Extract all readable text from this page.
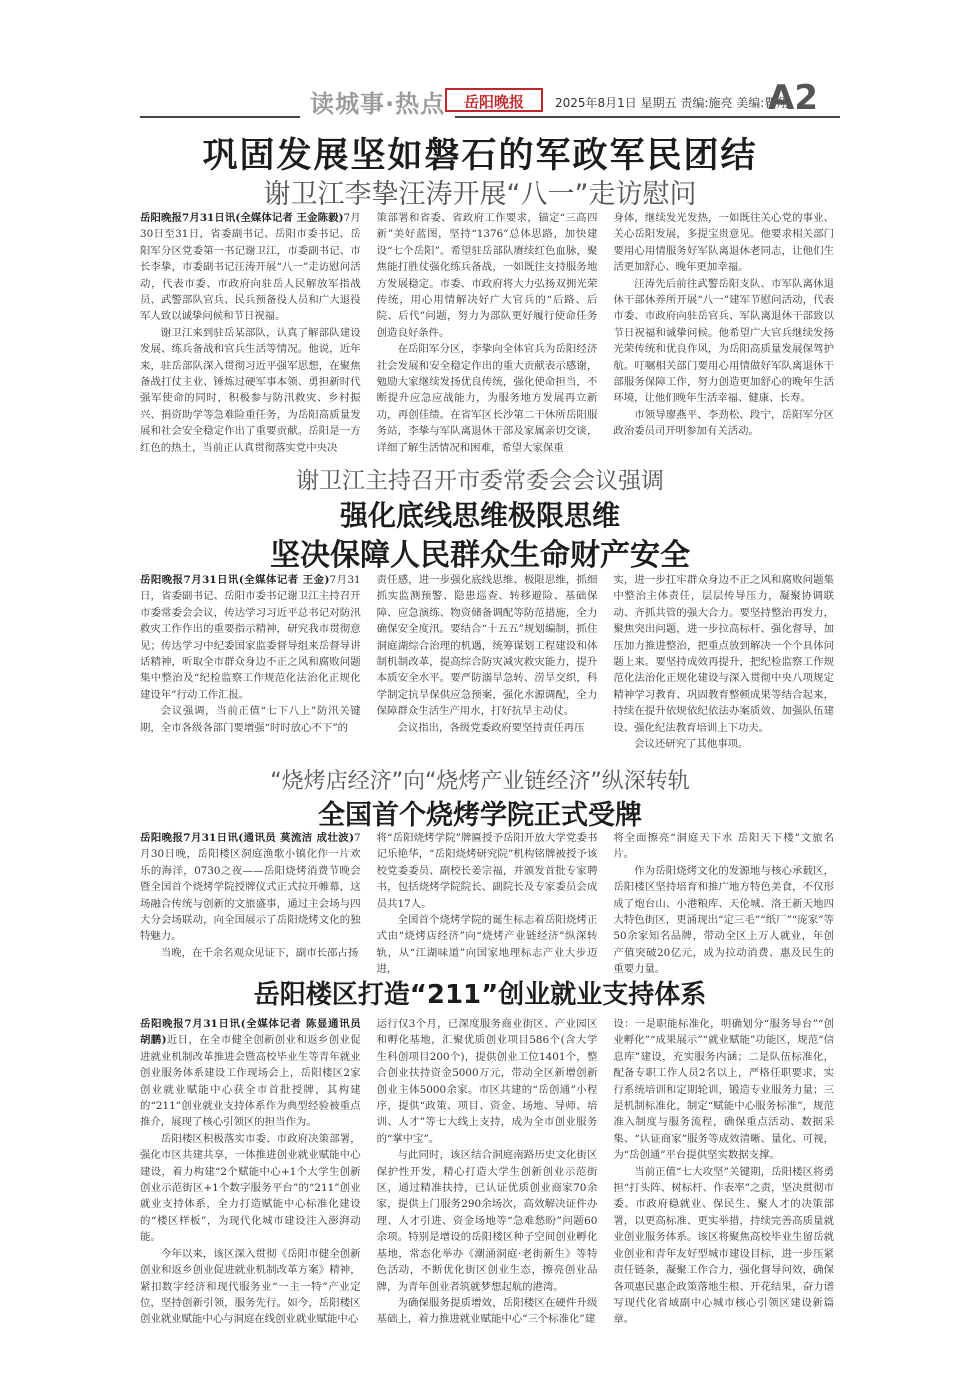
读城事·热点	岳阳晚报	2025年8月1日 星期五 责编:施亮 美编:瞿翔
A2
巩固发展坚如磐石的军政军民团结
谢卫江李挚汪涛开展“八一”走访慰问

岳阳晚报7月31日讯(全媒体记者 王金陈毅)7月30日至31日，省委副书记、岳阳市委书记、岳阳军分区党委第一书记谢卫江，市委副书记、市长李挚，市委副书记汪涛开展“八一”走访慰问活动，代表市委、市政府向驻岳人民解放军指战员、武警部队官兵、民兵预备役人员和广大退役军人致以诚挚问候和节日祝福。

谢卫江来到驻岳某部队，认真了解部队建设发展、练兵备战和官兵生活等情况。他说，近年来，驻岳部队深入贯彻习近平强军思想，在聚焦备战打仗主业、锤炼过硬军事本领、勇担新时代强军使命的同时，积极参与防汛救灾、乡村振兴、捐资助学等急难险重任务，为岳阳高质量发展和社会安全稳定作出了重要贡献。岳阳是一方红色的热土，当前正认真贯彻落实党中央决

策部署和省委、省政府工作要求，锚定“三高四新”美好蓝图，坚持“1376”总体思路，加快建设“七个岳阳”。希望驻岳部队赓续红色血脉，聚焦能打胜仗强化练兵备战，一如既往支持服务地方发展稳定。市委、市政府将大力弘扬双拥光荣传统，用心用情解决好广大官兵的“后路、后院、后代”问题，努力为部队更好履行使命任务创造良好条件。

在岳阳军分区，李挚向全体官兵为岳阳经济社会发展和安全稳定作出的重大贡献表示感谢，勉励大家继续发扬优良传统，强化使命担当，不断提升应急应战能力，为服务地方发展再立新功，再创佳绩。在省军区长沙第二干休所岳阳服务站，李挚与军队离退休干部及家属亲切交谈，详细了解生活情况和困难，希望大家保重

身体，继续发光发热，一如既往关心党的事业、关心岳阳发展，多提宝贵意见。他要求相关部门要用心用情服务好军队离退休老同志，让他们生活更加舒心、晚年更加幸福。

汪涛先后前往武警岳阳支队、市军队离休退休干部休养所开展“八一”建军节慰问活动，代表市委、市政府向驻岳官兵、军队离退休干部致以节日祝福和诚挚问候。他希望广大官兵继续发扬光荣传统和优良作风，为岳阳高质量发展保驾护航。叮嘱相关部门要用心用情做好军队离退休干部服务保障工作，努力创造更加舒心的晚年生活环境，让他们晚年生活幸福、健康、长寿。

市领导廖燕平、李劲松、段宁，岳阳军分区政治委员司开明参加有关活动。

谢卫江主持召开市委常委会会议强调
强化底线思维极限思维
坚决保障人民群众生命财产安全

岳阳晚报7月31日讯(全媒体记者 王金)7月31日，省委副书记、岳阳市委书记谢卫江主持召开市委常委会会议，传达学习习近平总书记对防汛救灾工作作出的重要指示精神，研究我市贯彻意见；传达学习中纪委国家监委督导组来岳督导讲话精神，听取全市群众身边不正之风和腐败问题集中整治及“纪检监察工作规范化法治化正规化建设年”行动工作汇报。

会议强调，当前正值“七下八上”防汛关键期，全市各级各部门要增强“时时放心不下”的

责任感，进一步强化底线思维、极限思维，抓细抓实监测预警、隐患巡查、转移避险、基础保障、应急演练、物资储备调配等防范措施，全力确保安全度汛。要结合“十五五”规划编制，抓住洞庭湖综合治理的机遇，统筹谋划工程建设和体制机制改革，提高综合防灾减灾救灾能力，提升本质安全水平。要严防溺旱急转、涝旱交织，科学制定抗旱保供应急预案，强化水源调配，全力保障群众生活生产用水，打好抗旱主动仗。

会议指出，各级党委政府要坚持责任再压

实，进一步扛牢群众身边不正之风和腐败问题集中整治主体责任，层层传导压力，凝聚协调联动、齐抓共管的强大合力。要坚持整治再发力，聚焦突出问题，进一步拉高标杆、强化督导，加压加力推进整治，把重点放到解决一个个具体问题上来。要坚持成效再提升，把纪检监察工作规范化法治化正规化建设与深入贯彻中央八项规定精神学习教育、巩固教育整顿成果等结合起来，持续在提升依规依纪依法办案质效、加强队伍建设、强化纪法教育培训上下功夫。

会议还研究了其他事项。

“烧烤店经济”向“烧烤产业链经济”纵深转轨
全国首个烧烤学院正式受牌

岳阳晚报7月31日讯(通讯员 莫流洁 成壮波)7月30日晚，岳阳楼区洞庭渔歌小镇化作一片欢乐的海洋，0730之夜——岳阳烧烤消费节晚会暨全国首个烧烤学院授牌仪式正式拉开帷幕，这场融合传统与创新的文旅盛事，通过主会场与四大分会场联动，向全国展示了岳阳烧烤文化的独特魅力。

当晚，在千余名观众见证下，副市长邵占扬

将“岳阳烧烤学院”牌匾授予岳阳开放大学党委书记乐艳华，“岳阳烧烤研究院”机构铭牌被授予该校党委委员、副校长姜宗福，并颁发首批专家聘书，包括烧烤学院院长、副院长及专家委员会成员共17人。

全国首个烧烤学院的诞生标志着岳阳烧烤正式由“烧烤店经济”向“烧烤产业链经济”纵深转轨，从“江湖味道”向国家地理标志产业大步迈进，

将全面擦亮“洞庭天下水 岳阳天下楼”文旅名片。

作为岳阳烧烤文化的发源地与核心承载区，岳阳楼区坚持培育和推广地方特色美食，不仅形成了炮台山、小港粮库、天伦城、洛王新天地四大特色街区，更涌现出“定三毛”“纸厂”“庞家”等50余家知名品牌，带动全区上万人就业，年创产值突破20亿元，成为拉动消费、惠及民生的重要力量。

岳阳楼区打造“211”创业就业支持体系

岳阳晚报7月31日讯(全媒体记者 陈显通讯员 胡鹏)近日，在全市健全创新创业和返乡创业促进就业机制改革推进会暨高校毕业生等青年就业创业服务体系建设工作现场会上，岳阳楼区2家创业就业赋能中心获全市首批授牌，其构建的“211”创业就业支持体系作为典型经验被重点推介，展现了核心引领区的担当作为。

岳阳楼区积极落实市委、市政府决策部署，强化市区共建共享，一体推进创业就业赋能中心建设，着力构建“2个赋能中心+1个大学生创新创业示范街区+1个数字服务平台”的“211”创业就业支持体系，全力打造赋能中心标准化建设的“楼区样板”，为现代化城市建设注入澎湃动能。

今年以来，该区深入贯彻《岳阳市健全创新创业和返乡创业促进就业机制改革方案》精神，紧扣数字经济和现代服务业“一主一特”产业定位，坚持创新引领，服务先行。如今，岳阳楼区创业就业赋能中心与洞庭在线创业就业赋能中心

运行仅3个月，已深度服务商业街区、产业园区和孵化基地，汇聚优质创业项目586个(含大学生科创项目200个)，提供创业工位1401个，整合创业扶持资金5000万元，带动全区新增创新创业主体5000余家。市区共建的“岳创通”小程序，提供“政策、项目、资金、场地、导师、培训、人才”等七大线上支持，成为全市创业服务的“掌中宝”。

与此同时，该区结合洞庭南路历史文化街区保护性开发，精心打造大学生创新创业示范街区，通过精准扶持，已认证优质创业商家70余家，提供上门服务290余场次，高效解决证件办理、人才引进、资金场地等“急难愁盼”问题60余项。特别是增设的岳阳楼区种子空间创业孵化基地，常态化举办《潮涌洞庭·老街新生》等特色活动，不断优化街区创业生态，擦亮创业品牌，为青年创业者筑就梦想起航的港湾。

为确保服务提质增效，岳阳楼区在硬件升级基础上，着力推进就业赋能中心“三个标准化”建

设：一是职能标准化，明确划分“服务导台”“创业孵化”“成果展示”“就业赋能”功能区，规范“信息库”建设，充实服务内涵；二是队伍标准化，配备专职工作人员2名以上，严格任职要求，实行系统培训和定期轮训，锻造专业服务力量；三是机制标准化，制定“赋能中心服务标准”，规范准入制度与服务流程，确保重点活动、数据采集、“认证商家”服务等成效清晰、量化、可视，为“岳创通”平台提供坚实数据支撑。

当前正值“七大攻坚”关键期，岳阳楼区将勇担“打头阵、树标杆、作表率”之责，坚决贯彻市委、市政府稳就业、保民生、聚人才的决策部署，以更高标准、更实举措，持续完善高质量就业创业服务体系。该区将聚焦高校毕业生留岳就业创业和青年友好型城市建设目标，进一步压紧责任链条，凝聚工作合力，强化督导问效，确保各项惠民惠企政策落地生根、开花结果，奋力谱写现代化省域副中心城市核心引领区建设新篇章。
